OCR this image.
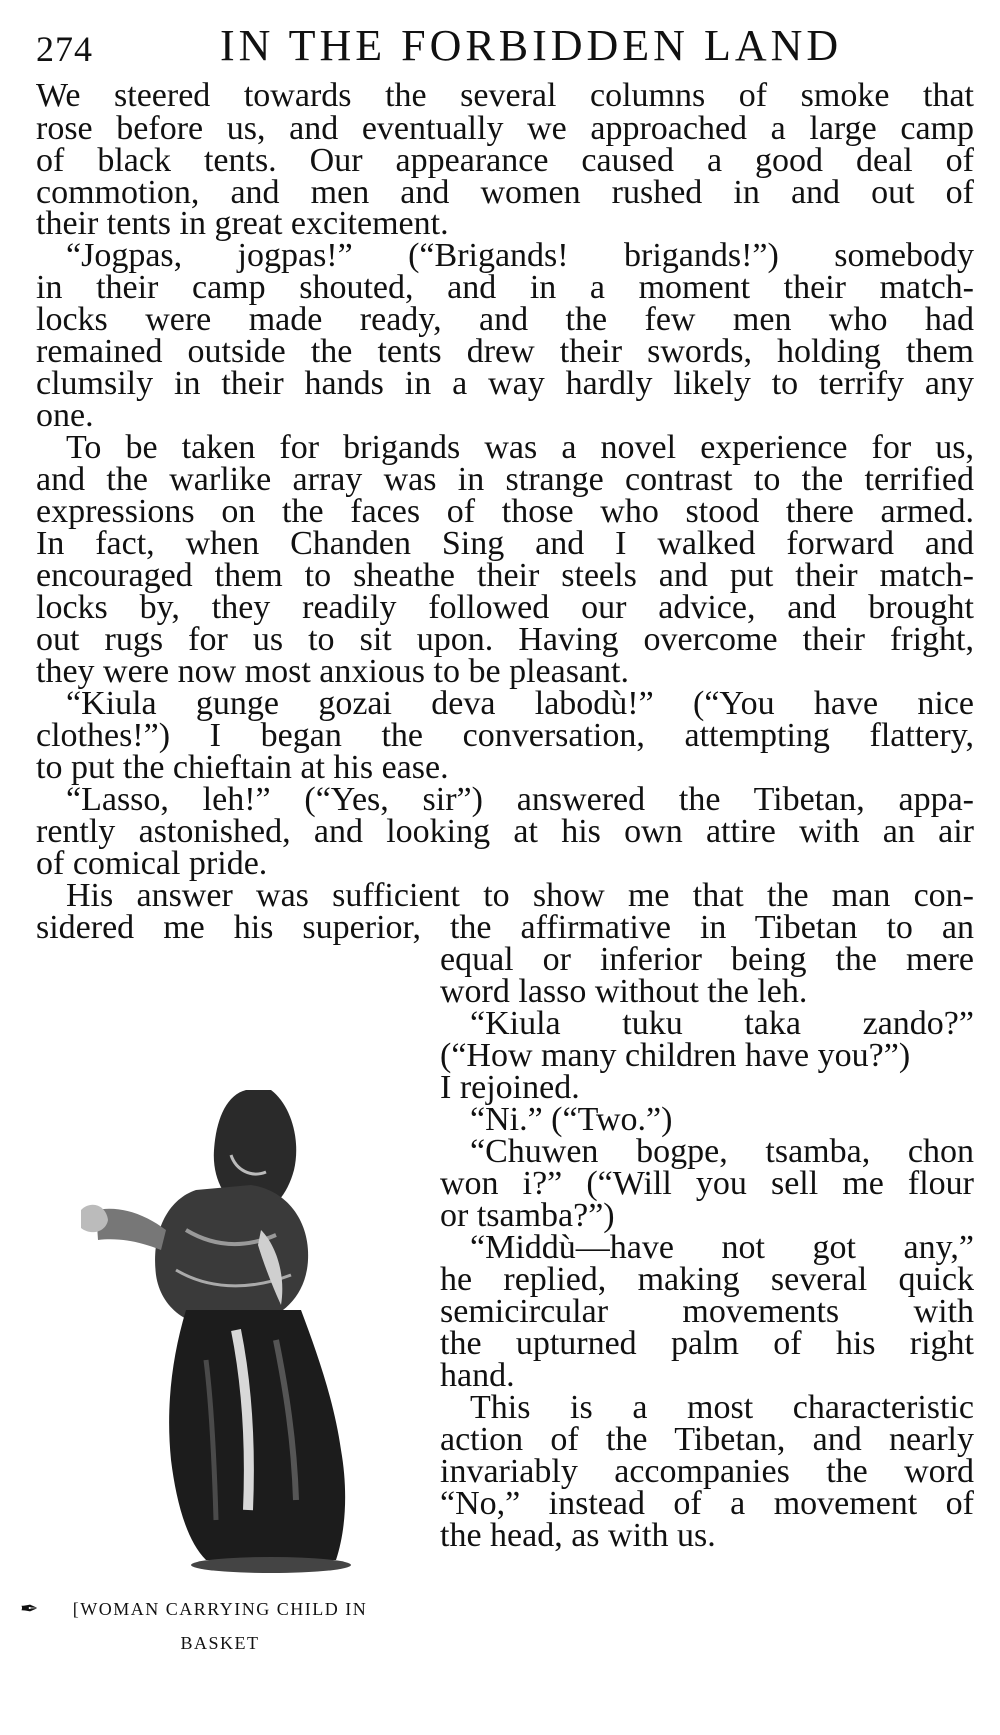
274	IN THE FORBIDDEN LAND
We steered towards the several columns of smoke that
rose before us, and eventually we approached a large camp
of black tents. Our appearance caused a good deal of
commotion, and men and women rushed in and out of
their tents in great excitement.
“Jogpas, jogpas!” (“Brigands! brigands!”) somebody
in their camp shouted, and in a moment their match-
locks were made ready, and the few men who had
remained outside the tents drew their swords, holding them
clumsily in their hands in a way hardly likely to terrify any
one.
To be taken for brigands was a novel experience for us,
and the warlike array was in strange contrast to the terrified
expressions on the faces of those who stood there armed.
In fact, when Chanden Sing and I walked forward and
encouraged them to sheathe their steels and put their match-
locks by, they readily followed our advice, and brought
out rugs for us to sit upon. Having overcome their fright,
they were now most anxious to be pleasant.
“Kiula gunge gozai deva labodù!” (“You have nice
clothes!”) I began the conversation, attempting flattery,
to put the chieftain at his ease.
“Lasso, leh!” (“Yes, sir”) answered the Tibetan, appa-
rently astonished, and looking at his own attire with an air
of comical pride.
His answer was sufficient to show me that the man con-
sidered me his superior, the affirmative in Tibetan to an
equal or inferior being the mere
word lasso without the leh.
“Kiula tuku taka zando?”
(“How many children have you?”)
I rejoined.
“Ni.” (“Two.”)
“Chuwen bogpe, tsamba, chon
won i?” (“Will you sell me flour
or tsamba?”)
“Middù—have not got any,”
he replied, making several quick
semicircular movements with
the upturned palm of his right
hand.
This is a most characteristic
action of the Tibetan, and nearly
invariably accompanies the word
“No,” instead of a movement of
the head, as with us.
✒	[WOMAN CARRYING CHILD IN
BASKET
